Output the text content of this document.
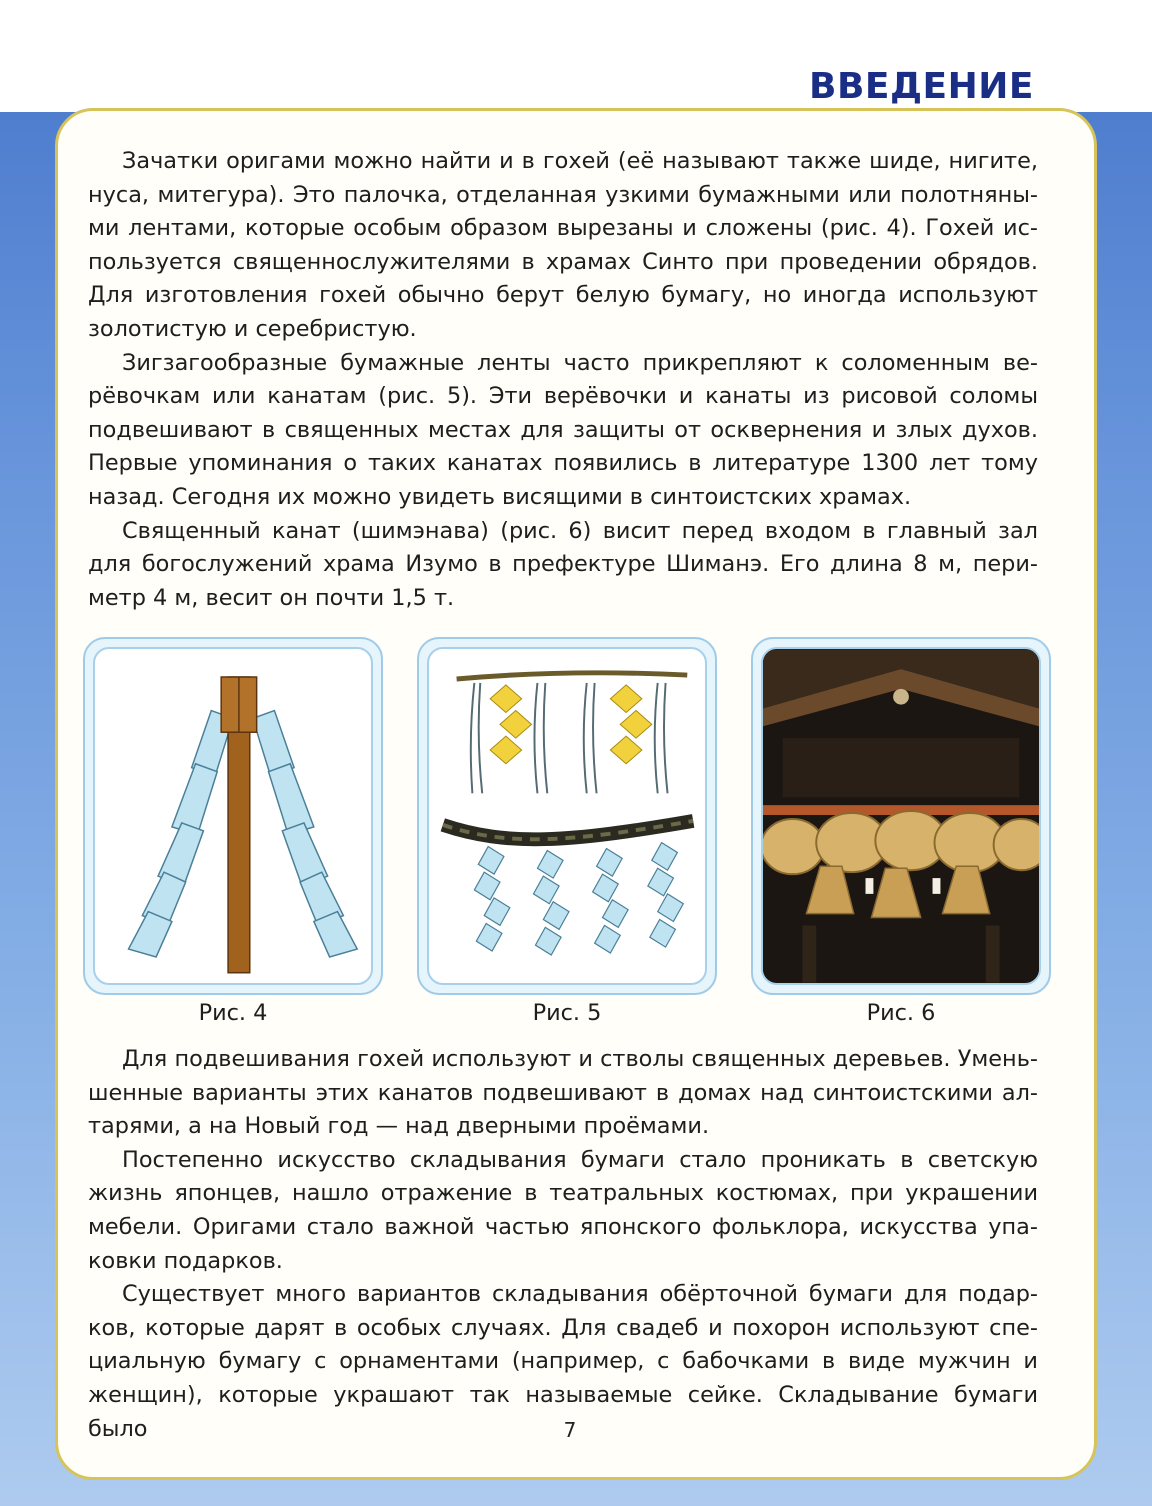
ВВЕДЕНИЕ

Зачатки оригами можно найти и в гохей (её называют также шиде, нигите, нуса, митегура). Это палочка, отделанная узкими бумажными или полотняными лентами, которые особым образом вырезаны и сложены (рис. 4). Гохей используется священнослужителями в храмах Синто при проведении обрядов. Для изготовления гохей обычно берут белую бумагу, но иногда используют золотистую и серебристую.

Зигзагообразные бумажные ленты часто прикрепляют к соломенным верёвочкам или канатам (рис. 5). Эти верёвочки и канаты из рисовой соломы подвешивают в священных местах для защиты от осквернения и злых духов. Первые упоминания о таких канатах появились в литературе 1300 лет тому назад. Сегодня их можно увидеть висящими в синтоистских храмах.

Священный канат (шимэнава) (рис. 6) висит перед входом в главный зал для богослужений храма Изумо в префектуре Шиманэ. Его длина 8 м, периметр 4 м, весит он почти 1,5 т.

Рис. 4	Рис. 5	Рис. 6

Для подвешивания гохей используют и стволы священных деревьев. Уменьшенные варианты этих канатов подвешивают в домах над синтоистскими алтарями, а на Новый год — над дверными проёмами.

Постепенно искусство складывания бумаги стало проникать в светскую жизнь японцев, нашло отражение в театральных костюмах, при украшении мебели. Оригами стало важной частью японского фольклора, искусства упаковки подарков.

Существует много вариантов складывания обёрточной бумаги для подарков, которые дарят в особых случаях. Для свадеб и похорон используют специальную бумагу с орнаментами (например, с бабочками в виде мужчин и женщин), которые украшают так называемые сейке. Складывание бумаги было	7
